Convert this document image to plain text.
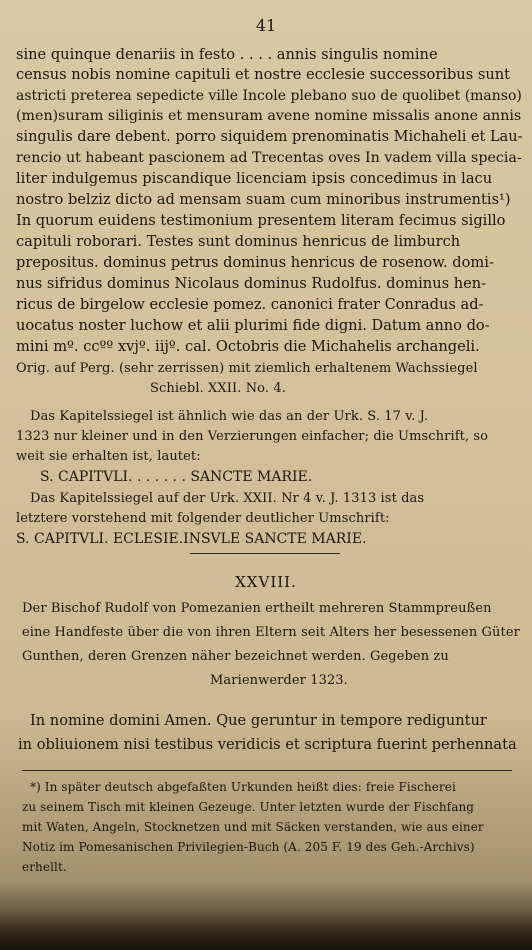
41
sine quinque denariis in festo . . . . annis singulis nomine
census nobis nomine capituli et nostre ecclesie successoribus sunt
astricti preterea sepedicte ville Incole plebano suo de quolibet (manso)
(men)suram siliginis et mensuram avene nomine missalis anone annis
singulis dare debent. porro siquidem prenominatis Michaheli et Lau-
rencio ut habeant pascionem ad Trecentas oves In vadem villa specia-
liter indulgemus piscandique licenciam ipsis concedimus in lacu
nostro belziz dicto ad mensam suam cum minoribus instrumentis¹)
In quorum euidens testimonium presentem literam fecimus sigillo
capituli roborari. Testes sunt dominus henricus de limburch
prepositus. dominus petrus dominus henricus de rosenow. domi-
nus sifridus dominus Nicolaus dominus Rudolfus. dominus hen-
ricus de birgelow ecclesie pomez. canonici frater Conradus ad-
uocatus noster luchow et alii plurimi fide digni. Datum anno do-
mini mº. ccºº xvjº. iijº. cal. Octobris die Michahelis archangeli.
Orig. auf Perg. (sehr zerrissen) mit ziemlich erhaltenem Wachssiegel
Schiebl. XXII. No. 4.
Das Kapitelssiegel ist ähnlich wie das an der Urk. S. 17 v. J.
1323 nur kleiner und in den Verzierungen einfacher; die Umschrift, so
weit sie erhalten ist, lautet:
S. CAPITVLI. . . . . . . SANCTE MARIE.
Das Kapitelssiegel auf der Urk. XXII. Nr 4 v. J. 1313 ist das
letztere vorstehend mit folgender deutlicher Umschrift:
S. CAPITVLI. ECLESIE.INSVLE SANCTE MARIE.
XXVIII.
Der Bischof Rudolf von Pomezanien ertheilt mehreren Stammpreußen
eine Handfeste über die von ihren Eltern seit Alters her besessenen Güter
Gunthen, deren Grenzen näher bezeichnet werden. Gegeben zu
Marienwerder 1323.
In nomine domini Amen. Que geruntur in tempore rediguntur
in obliuionem nisi testibus veridicis et scriptura fuerint perhennata
*) In später deutsch abgefaßten Urkunden heißt dies: freie Fischerei
zu seinem Tisch mit kleinen Gezeuge. Unter letzten wurde der Fischfang
mit Waten, Angeln, Stocknetzen und mit Säcken verstanden, wie aus einer
Notiz im Pomesanischen Privilegien-Buch (A. 205 F. 19 des Geh.-Archivs)
erhellt.
